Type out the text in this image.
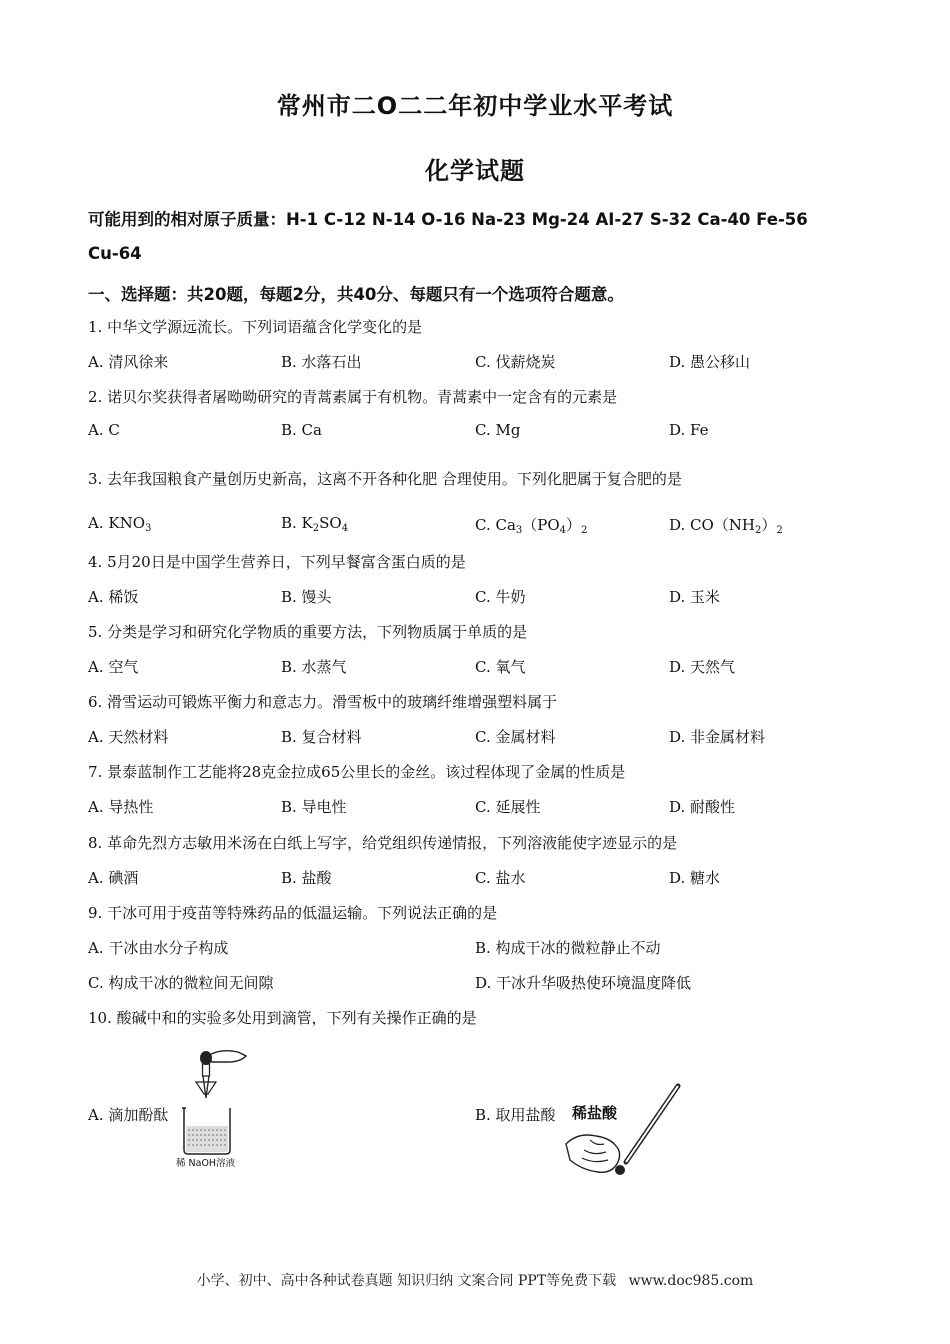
常州市二O二二年初中学业水平考试
化学试题
可能用到的相对原子质量：H-1 C-12 N-14 O-16 Na-23 Mg-24 AI-27 S-32 Ca-40 Fe-56
Cu-64
一、选择题：共20题，每题2分，共40分、每题只有一个选项符合题意。
1. 中华文学源远流长。下列词语蕴含化学变化的是
A. 清风徐来	B. 水落石出	C. 伐薪烧炭	D. 愚公移山
2. 诺贝尔奖获得者屠呦呦研究的青蒿素属于有机物。青蒿素中一定含有的元素是
A. C	B. Ca	C. Mg	D. Fe
3. 去年我国粮食产量创历史新高，这离不开各种化肥 合理使用。下列化肥属于复合肥的是
A. $KNO_3$	B. $K_2SO_4$	C. $Ca_3(PO_4)_2$	D. $CO(NH_2)_2$
4. 5月20日是中国学生营养日，下列早餐富含蛋白质的是
A. 稀饭	B. 馒头	C. 牛奶	D. 玉米
5. 分类是学习和研究化学物质的重要方法，下列物质属于单质的是
A. 空气	B. 水蒸气	C. 氧气	D. 天然气
6. 滑雪运动可锻炼平衡力和意志力。滑雪板中的玻璃纤维增强塑料属于
A. 天然材料	B. 复合材料	C. 金属材料	D. 非金属材料
7. 景泰蓝制作工艺能将28克金拉成65公里长的金丝。该过程体现了金属的性质是
A. 导热性	B. 导电性	C. 延展性	D. 耐酸性
8. 革命先烈方志敏用米汤在白纸上写字，给党组织传递情报，下列溶液能使字迹显示的是
A. 碘酒	B. 盐酸	C. 盐水	D. 糖水
9. 干冰可用于疫苗等特殊药品的低温运输。下列说法正确的是
A. 干冰由水分子构成	B. 构成干冰的微粒静止不动
C. 构成干冰的微粒间无间隙	D. 干冰升华吸热使环境温度降低
10. 酸碱中和的实验多处用到滴管，下列有关操作正确的是
A. 滴加酚酞	B. 取用盐酸
稀 NaOH溶液
稀盐酸
小学、初中、高中各种试卷真题 知识归纳 文案合同 PPT等免费下载 www.doc985.com
